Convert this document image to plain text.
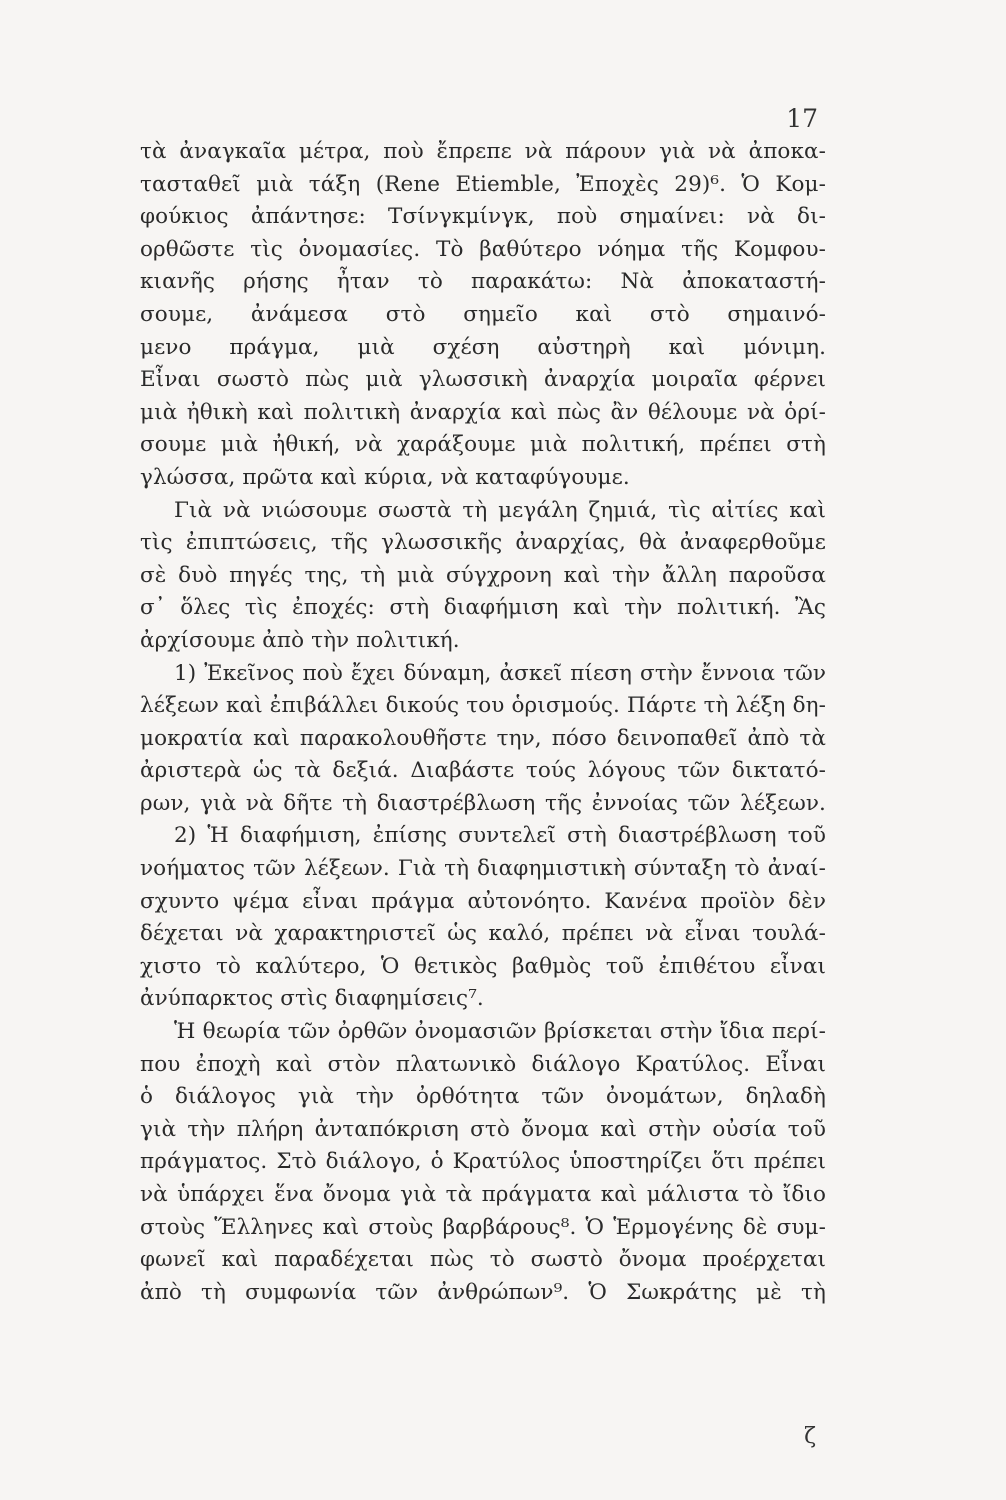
17
τὰ ἀναγκαῖα μέτρα, ποὺ ἔπρεπε νὰ πάρουν γιὰ νὰ ἀποκα-
τασταθεῖ μιὰ τάξη (Rene Etiemble, Ἐποχὲς 29)⁶. Ὁ Κομ-
φούκιος ἀπάντησε: Τσίνγκμίνγκ, ποὺ σημαίνει: νὰ δι-
ορθῶστε τὶς ὀνομασίες. Τὸ βαθύτερο νόημα τῆς Κομφου-
κιανῆς ρήσης ἦταν τὸ παρακάτω: Νὰ ἀποκαταστή-
σουμε, ἀνάμεσα στὸ σημεῖο καὶ στὸ σημαινό-
μενο πράγμα, μιὰ σχέση αὐστηρὴ καὶ μόνιμη.
Εἶναι σωστὸ πὼς μιὰ γλωσσικὴ ἀναρχία μοιραῖα φέρνει
μιὰ ἠθικὴ καὶ πολιτικὴ ἀναρχία καὶ πὼς ἂν θέλουμε νὰ ὁρί-
σουμε μιὰ ἠθική, νὰ χαράξουμε μιὰ πολιτική, πρέπει στὴ
γλώσσα, πρῶτα καὶ κύρια, νὰ καταφύγουμε.
Γιὰ νὰ νιώσουμε σωστὰ τὴ μεγάλη ζημιά, τὶς αἰτίες καὶ
τὶς ἐπιπτώσεις, τῆς γλωσσικῆς ἀναρχίας, θὰ ἀναφερθοῦμε
σὲ δυὸ πηγές της, τὴ μιὰ σύγχρονη καὶ τὴν ἄλλη παροῦσα
σ᾽ ὅλες τὶς ἐποχές: στὴ διαφήμιση καὶ τὴν πολιτική. Ἂς
ἀρχίσουμε ἀπὸ τὴν πολιτική.
1) Ἐκεῖνος ποὺ ἔχει δύναμη, ἀσκεῖ πίεση στὴν ἔννοια τῶν
λέξεων καὶ ἐπιβάλλει δικούς του ὁρισμούς. Πάρτε τὴ λέξη δη-
μοκρατία καὶ παρακολουθῆστε την, πόσο δεινοπαθεῖ ἀπὸ τὰ
ἀριστερὰ ὡς τὰ δεξιά. Διαβάστε τούς λόγους τῶν δικτατό-
ρων, γιὰ νὰ δῆτε τὴ διαστρέβλωση τῆς ἐννοίας τῶν λέξεων.
2) Ἡ διαφήμιση, ἐπίσης συντελεῖ στὴ διαστρέβλωση τοῦ
νοήματος τῶν λέξεων. Γιὰ τὴ διαφημιστικὴ σύνταξη τὸ ἀναί-
σχυντο ψέμα εἶναι πράγμα αὐτονόητο. Κανένα προϊὸν δὲν
δέχεται νὰ χαρακτηριστεῖ ὡς καλό, πρέπει νὰ εἶναι τουλά-
χιστο τὸ καλύτερο, Ὁ θετικὸς βαθμὸς τοῦ ἐπιθέτου εἶναι
ἀνύπαρκτος στὶς διαφημίσεις⁷.
Ἡ θεωρία τῶν ὀρθῶν ὀνομασιῶν βρίσκεται στὴν ἴδια περί-
που ἐποχὴ καὶ στὸν πλατωνικὸ διάλογο Κρατύλος. Εἶναι
ὁ διάλογος γιὰ τὴν ὀρθότητα τῶν ὀνομάτων, δηλαδὴ
γιὰ τὴν πλήρη ἀνταπόκριση στὸ ὄνομα καὶ στὴν οὐσία τοῦ
πράγματος. Στὸ διάλογο, ὁ Κρατύλος ὑποστηρίζει ὅτι πρέπει
νὰ ὑπάρχει ἕνα ὄνομα γιὰ τὰ πράγματα καὶ μάλιστα τὸ ἴδιο
στοὺς Ἕλληνες καὶ στοὺς βαρβάρους⁸. Ὁ Ἑρμογένης δὲ συμ-
φωνεῖ καὶ παραδέχεται πὼς τὸ σωστὸ ὄνομα προέρχεται
ἀπὸ τὴ συμφωνία τῶν ἀνθρώπων⁹. Ὁ Σωκράτης μὲ τὴ
ζ
